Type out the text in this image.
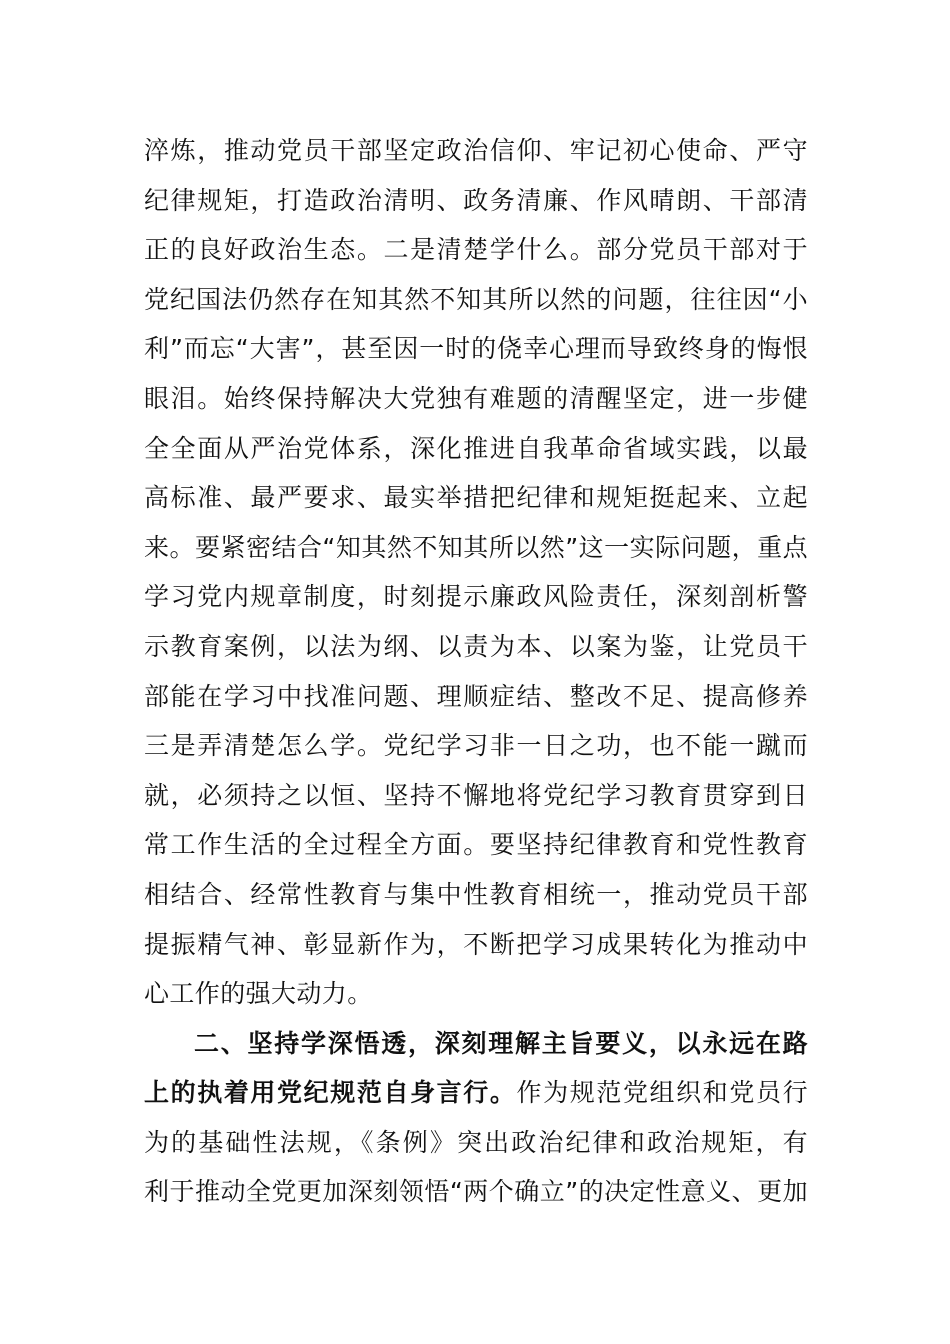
淬炼，推动党员干部坚定政治信仰、牢记初心使命、严守
纪律规矩，打造政治清明、政务清廉、作风晴朗、干部清
正的良好政治生态。二是清楚学什么。部分党员干部对于
党纪国法仍然存在知其然不知其所以然的问题，往往因“小
利”而忘“大害”，甚至因一时的侥幸心理而导致终身的悔恨
眼泪。始终保持解决大党独有难题的清醒坚定，进一步健
全全面从严治党体系，深化推进自我革命省域实践，以最
高标准、最严要求、最实举措把纪律和规矩挺起来、立起
来。要紧密结合“知其然不知其所以然”这一实际问题，重点
学习党内规章制度，时刻提示廉政风险责任，深刻剖析警
示教育案例，以法为纲、以责为本、以案为鉴，让党员干
部能在学习中找准问题、理顺症结、整改不足、提高修养
三是弄清楚怎么学。党纪学习非一日之功，也不能一蹴而
就，必须持之以恒、坚持不懈地将党纪学习教育贯穿到日
常工作生活的全过程全方面。要坚持纪律教育和党性教育
相结合、经常性教育与集中性教育相统一，推动党员干部
提振精气神、彰显新作为，不断把学习成果转化为推动中
心工作的强大动力。
二、坚持学深悟透，深刻理解主旨要义，以永远在路
上的执着用党纪规范自身言行。作为规范党组织和党员行
为的基础性法规，《条例》突出政治纪律和政治规矩，有
利于推动全党更加深刻领悟“两个确立”的决定性意义、更加
